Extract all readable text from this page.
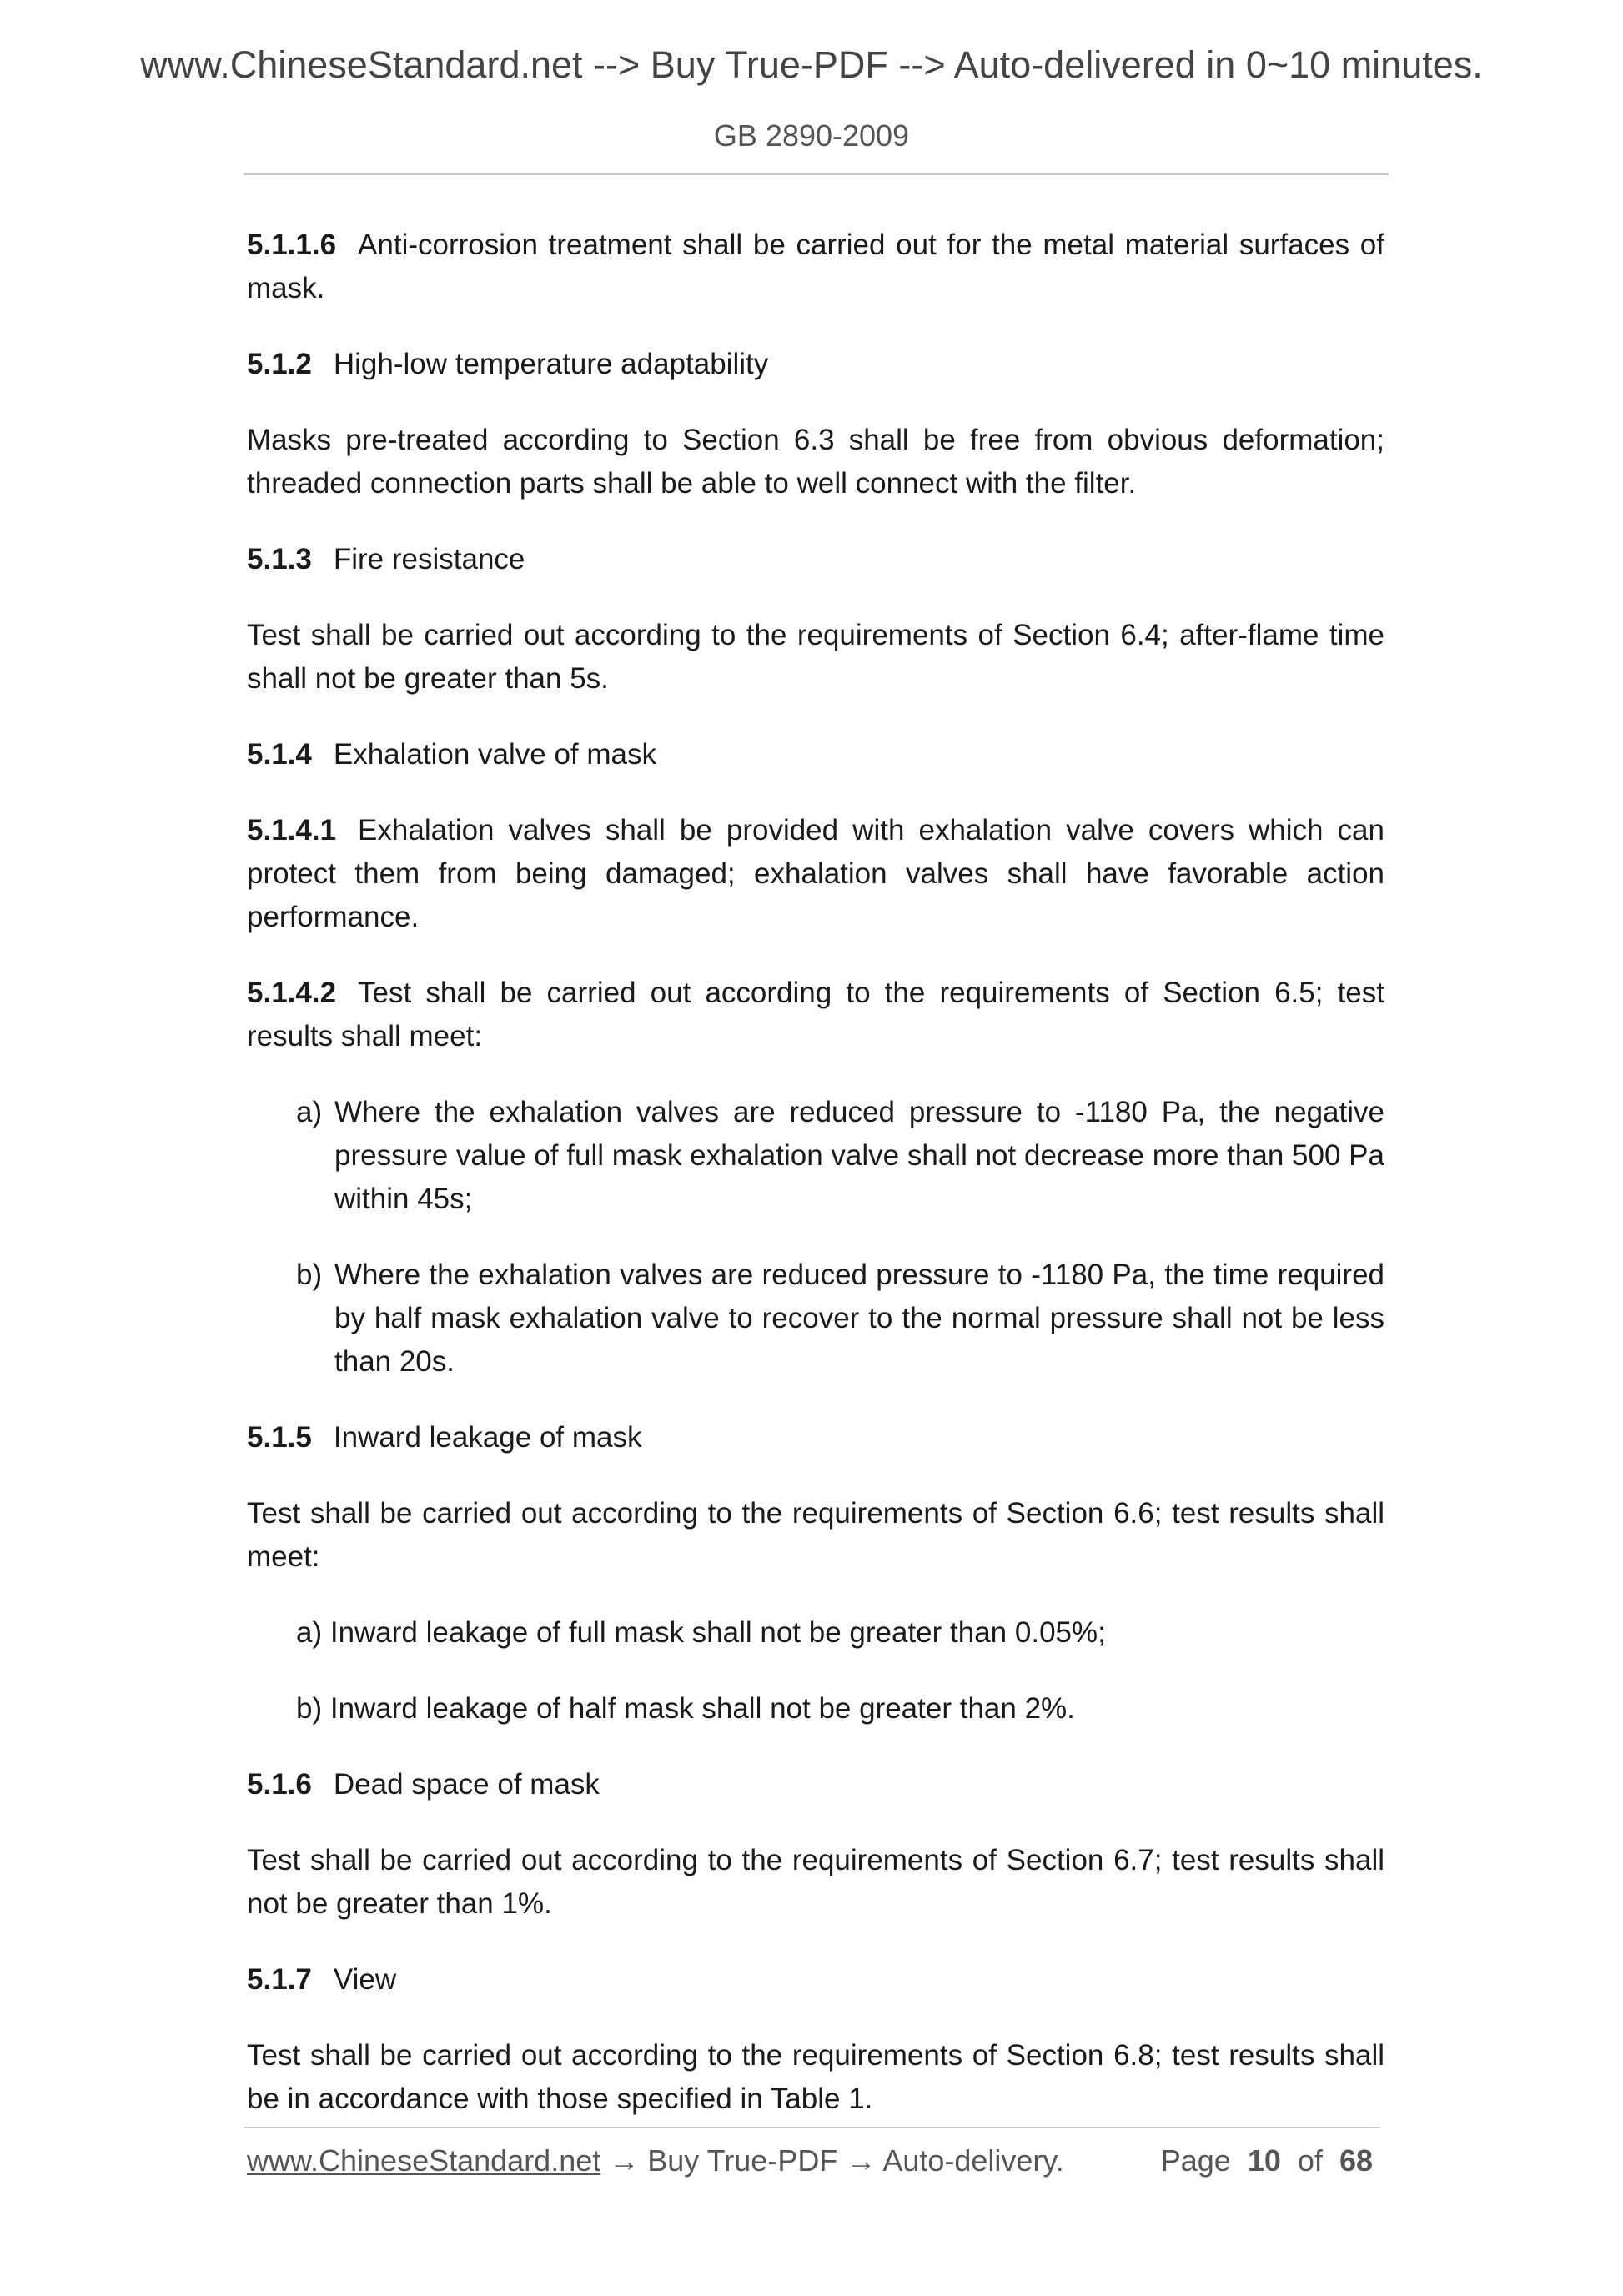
www.ChineseStandard.net --> Buy True-PDF --> Auto-delivered in 0~10 minutes.
GB 2890-2009

5.1.1.6 Anti-corrosion treatment shall be carried out for the metal material surfaces of mask.

5.1.2 High-low temperature adaptability

Masks pre-treated according to Section 6.3 shall be free from obvious deformation; threaded connection parts shall be able to well connect with the filter.

5.1.3 Fire resistance

Test shall be carried out according to the requirements of Section 6.4; after-flame time shall not be greater than 5s.

5.1.4 Exhalation valve of mask

5.1.4.1 Exhalation valves shall be provided with exhalation valve covers which can protect them from being damaged; exhalation valves shall have favorable action performance.

5.1.4.2 Test shall be carried out according to the requirements of Section 6.5; test results shall meet:

a) Where the exhalation valves are reduced pressure to -1180 Pa, the negative pressure value of full mask exhalation valve shall not decrease more than 500 Pa within 45s;

b) Where the exhalation valves are reduced pressure to -1180 Pa, the time required by half mask exhalation valve to recover to the normal pressure shall not be less than 20s.

5.1.5 Inward leakage of mask

Test shall be carried out according to the requirements of Section 6.6; test results shall meet:

a) Inward leakage of full mask shall not be greater than 0.05%;

b) Inward leakage of half mask shall not be greater than 2%.

5.1.6 Dead space of mask

Test shall be carried out according to the requirements of Section 6.7; test results shall not be greater than 1%.

5.1.7 View

Test shall be carried out according to the requirements of Section 6.8; test results shall be in accordance with those specified in Table 1.

www.ChineseStandard.net → Buy True-PDF → Auto-delivery.	Page 10 of 68
